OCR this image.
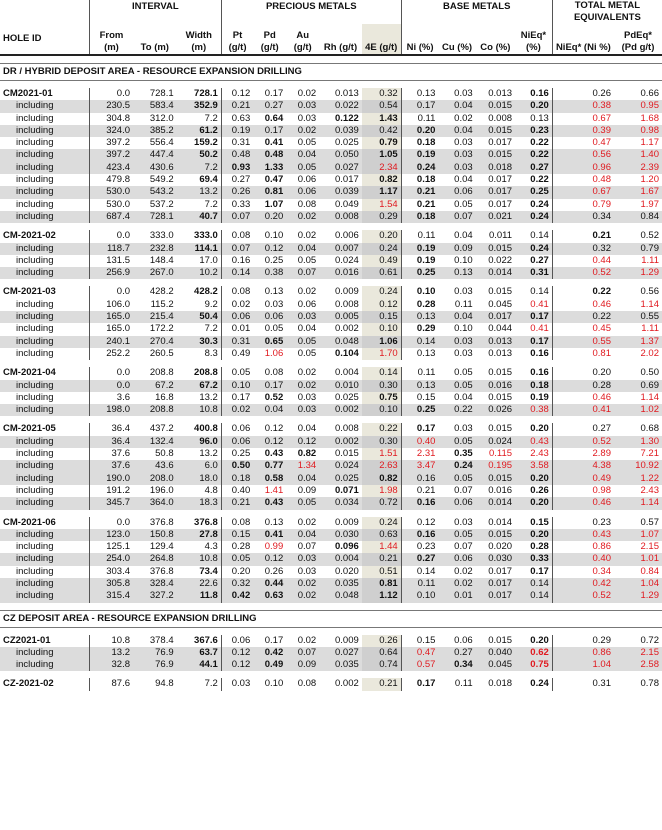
	INTERVAL			PRECIOUS METALS					BASE METALS				TOTAL METAL EQUIVALENTS	
HOLE ID	From (m)	To (m)	Width (m)	Pt (g/t)	Pd (g/t)	Au (g/t)	Rh (g/t)	4E (g/t)	Ni (%)	Cu (%)	Co (%)	NiEq* (%)	NiEq* (Ni %)	PdEq* (Pd g/t)

DR / HYBRID DEPOSIT AREA - RESOURCE EXPANSION DRILLING														

CM2021-01	0.0	728.1	728.1	0.12	0.17	0.02	0.013	0.32	0.13	0.03	0.013	0.16	0.26	0.66
including	230.5	583.4	352.9	0.21	0.27	0.03	0.022	0.54	0.17	0.04	0.015	0.20	0.38	0.95
including	304.8	312.0	7.2	0.63	0.64	0.03	0.122	1.43	0.11	0.02	0.008	0.13	0.67	1.68
including	324.0	385.2	61.2	0.19	0.17	0.02	0.039	0.42	0.20	0.04	0.015	0.23	0.39	0.98
including	397.2	556.4	159.2	0.31	0.41	0.05	0.025	0.79	0.18	0.03	0.017	0.22	0.47	1.17
including	397.2	447.4	50.2	0.48	0.48	0.04	0.050	1.05	0.19	0.03	0.015	0.22	0.56	1.40
including	423.4	430.6	7.2	0.93	1.33	0.05	0.027	2.34	0.24	0.03	0.018	0.27	0.96	2.39
including	479.8	549.2	69.4	0.27	0.47	0.06	0.017	0.82	0.18	0.04	0.017	0.22	0.48	1.20
including	530.0	543.2	13.2	0.26	0.81	0.06	0.039	1.17	0.21	0.06	0.017	0.25	0.67	1.67
including	530.0	537.2	7.2	0.33	1.07	0.08	0.049	1.54	0.21	0.05	0.017	0.24	0.79	1.97
including	687.4	728.1	40.7	0.07	0.20	0.02	0.008	0.29	0.18	0.07	0.021	0.24	0.34	0.84

CM-2021-02	0.0	333.0	333.0	0.08	0.10	0.02	0.006	0.20	0.11	0.04	0.011	0.14	0.21	0.52
including	118.7	232.8	114.1	0.07	0.12	0.04	0.007	0.24	0.19	0.09	0.015	0.24	0.32	0.79
including	131.5	148.4	17.0	0.16	0.25	0.05	0.024	0.49	0.19	0.10	0.022	0.27	0.44	1.11
including	256.9	267.0	10.2	0.14	0.38	0.07	0.016	0.61	0.25	0.13	0.014	0.31	0.52	1.29

CM-2021-03	0.0	428.2	428.2	0.08	0.13	0.02	0.009	0.24	0.10	0.03	0.015	0.14	0.22	0.56
including	106.0	115.2	9.2	0.02	0.03	0.06	0.008	0.12	0.28	0.11	0.045	0.41	0.46	1.14
including	165.0	215.4	50.4	0.06	0.06	0.03	0.005	0.15	0.13	0.04	0.017	0.17	0.22	0.55
including	165.0	172.2	7.2	0.01	0.05	0.04	0.002	0.10	0.29	0.10	0.044	0.41	0.45	1.11
including	240.1	270.4	30.3	0.31	0.65	0.05	0.048	1.06	0.14	0.03	0.013	0.17	0.55	1.37
including	252.2	260.5	8.3	0.49	1.06	0.05	0.104	1.70	0.13	0.03	0.013	0.16	0.81	2.02

CM-2021-04	0.0	208.8	208.8	0.05	0.08	0.02	0.004	0.14	0.11	0.05	0.015	0.16	0.20	0.50
including	0.0	67.2	67.2	0.10	0.17	0.02	0.010	0.30	0.13	0.05	0.016	0.18	0.28	0.69
including	3.6	16.8	13.2	0.17	0.52	0.03	0.025	0.75	0.15	0.04	0.015	0.19	0.46	1.14
including	198.0	208.8	10.8	0.02	0.04	0.03	0.002	0.10	0.25	0.22	0.026	0.38	0.41	1.02

CM-2021-05	36.4	437.2	400.8	0.06	0.12	0.04	0.008	0.22	0.17	0.03	0.015	0.20	0.27	0.68
including	36.4	132.4	96.0	0.06	0.12	0.12	0.002	0.30	0.40	0.05	0.024	0.43	0.52	1.30
including	37.6	50.8	13.2	0.25	0.43	0.82	0.015	1.51	2.31	0.35	0.115	2.43	2.89	7.21
including	37.6	43.6	6.0	0.50	0.77	1.34	0.024	2.63	3.47	0.24	0.195	3.58	4.38	10.92
including	190.0	208.0	18.0	0.18	0.58	0.04	0.025	0.82	0.16	0.05	0.015	0.20	0.49	1.22
including	191.2	196.0	4.8	0.40	1.41	0.09	0.071	1.98	0.21	0.07	0.016	0.26	0.98	2.43
including	345.7	364.0	18.3	0.21	0.43	0.05	0.034	0.72	0.16	0.06	0.014	0.20	0.46	1.14

CM-2021-06	0.0	376.8	376.8	0.08	0.13	0.02	0.009	0.24	0.12	0.03	0.014	0.15	0.23	0.57
including	123.0	150.8	27.8	0.15	0.41	0.04	0.030	0.63	0.16	0.05	0.015	0.20	0.43	1.07
including	125.1	129.4	4.3	0.28	0.99	0.07	0.096	1.44	0.23	0.07	0.020	0.28	0.86	2.15
including	254.0	264.8	10.8	0.05	0.12	0.03	0.004	0.21	0.27	0.06	0.030	0.33	0.40	1.01
including	303.4	376.8	73.4	0.20	0.26	0.03	0.020	0.51	0.14	0.02	0.017	0.17	0.34	0.84
including	305.8	328.4	22.6	0.32	0.44	0.02	0.035	0.81	0.11	0.02	0.017	0.14	0.42	1.04
including	315.4	327.2	11.8	0.42	0.63	0.02	0.048	1.12	0.10	0.01	0.017	0.14	0.52	1.29

CZ DEPOSIT AREA - RESOURCE EXPANSION DRILLING														

CZ2021-01	10.8	378.4	367.6	0.06	0.17	0.02	0.009	0.26	0.15	0.06	0.015	0.20	0.29	0.72
including	13.2	76.9	63.7	0.12	0.42	0.07	0.027	0.64	0.47	0.27	0.040	0.62	0.86	2.15
including	32.8	76.9	44.1	0.12	0.49	0.09	0.035	0.74	0.57	0.34	0.045	0.75	1.04	2.58

CZ-2021-02	87.6	94.8	7.2	0.03	0.10	0.08	0.002	0.21	0.17	0.11	0.018	0.24	0.31	0.78
